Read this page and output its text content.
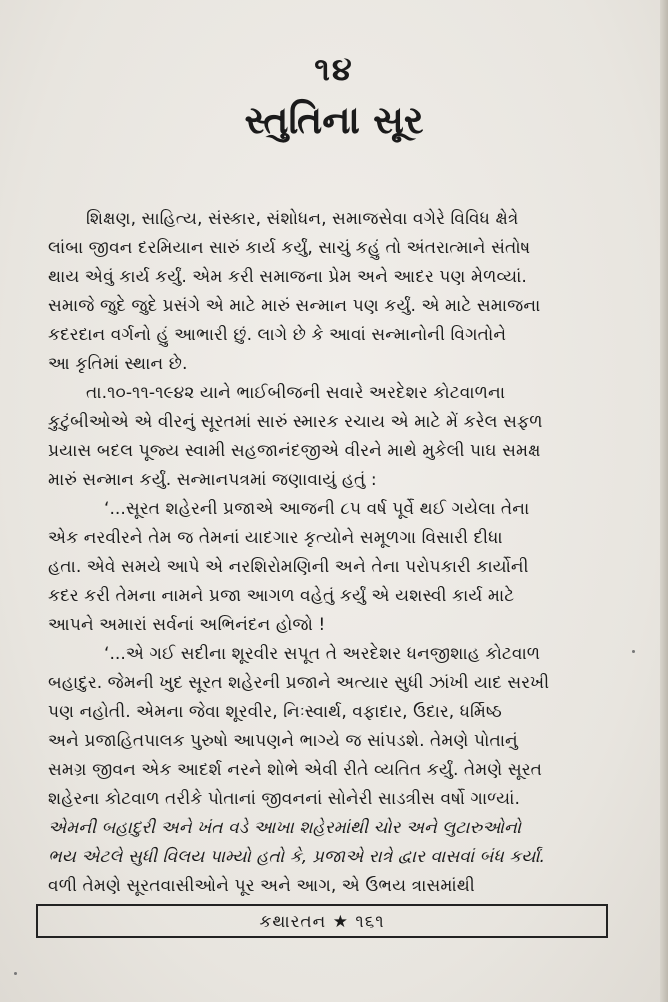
૧૪
સ્તુતિના સૂર
શિક્ષણ, સાહિત્ય, સંસ્કાર, સંશોધન, સમાજસેવા વગેરે વિવિધ ક્ષેત્રે
લાંબા જીવન દરમિયાન સારું કાર્ય કર્યું, સાચું કહું તો અંતરાત્માને સંતોષ
થાય એવું કાર્ય કર્યું. એમ કરી સમાજના પ્રેમ અને આદર પણ મેળવ્યાં.
સમાજે જુદે જુદે પ્રસંગે એ માટે મારું સન્માન પણ કર્યું. એ માટે સમાજના
કદરદાન વર્ગનો હું આભારી છું. લાગે છે કે આવાં સન્માનોની વિગતોને
આ કૃતિમાં સ્થાન છે.
તા.૧૦-૧૧-૧૯૪૨ યાને ભાઈબીજની સવારે અરદેશર કોટવાળના
કુટુંબીઓએ એ વીરનું સૂરતમાં સારું સ્મારક રચાય એ માટે મેં કરેલ સફળ
પ્રયાસ બદલ પૂજ્ય સ્વામી સહજાનંદજીએ વીરને માથે મુકેલી પાઘ સમક્ષ
મારું સન્માન કર્યું. સન્માનપત્રમાં જણાવાયું હતું :
‘...સૂરત શહેરની પ્રજાએ આજની ૮૫ વર્ષ પૂર્વે થઈ ગયેલા તેના
એક નરવીરને તેમ જ તેમનાં યાદગાર કૃત્યોને સમૂળગા વિસારી દીધા
હતા. એવે સમયે આપે એ નરશિરોમણિની અને તેના પરોપકારી કાર્યોની
કદર કરી તેમના નામને પ્રજા આગળ વહેતું કર્યું એ યશસ્વી કાર્ય માટે
આપને અમારાં સર્વનાં અભિનંદન હોજો !
‘...એ ગઈ સદીના શૂરવીર સપૂત તે અરદેશર ધનજીશાહ કોટવાળ
બહાદુર. જેમની ખુદ સૂરત શહેરની પ્રજાને અત્યાર સુધી ઝાંખી યાદ સરખી
પણ નહોતી. એમના જેવા શૂરવીર, નિઃસ્વાર્થ, વફાદાર, ઉદાર, ધર્મિષ્ઠ
અને પ્રજાહિતપાલક પુરુષો આપણને ભાગ્યે જ સાંપડશે. તેમણે પોતાનું
સમગ્ર જીવન એક આદર્શ નરને શોભે એવી રીતે વ્યતિત કર્યું. તેમણે સૂરત
શહેરના કોટવાળ તરીકે પોતાનાં જીવનનાં સોનેરી સાડત્રીસ વર્ષો ગાળ્યાં.
એમની બહાદુરી અને ખંત વડે આખા શહેરમાંથી ચોર અને લુટારુઓનો
ભય એટલે સુધી વિલય પામ્યો હતો કે, પ્રજાએ રાત્રે દ્વાર વાસવાં બંધ કર્યાં.
વળી તેમણે સૂરતવાસીઓને પૂર અને આગ, એ ઉભય ત્રાસમાંથી
કથારતન ★ ૧૬૧
